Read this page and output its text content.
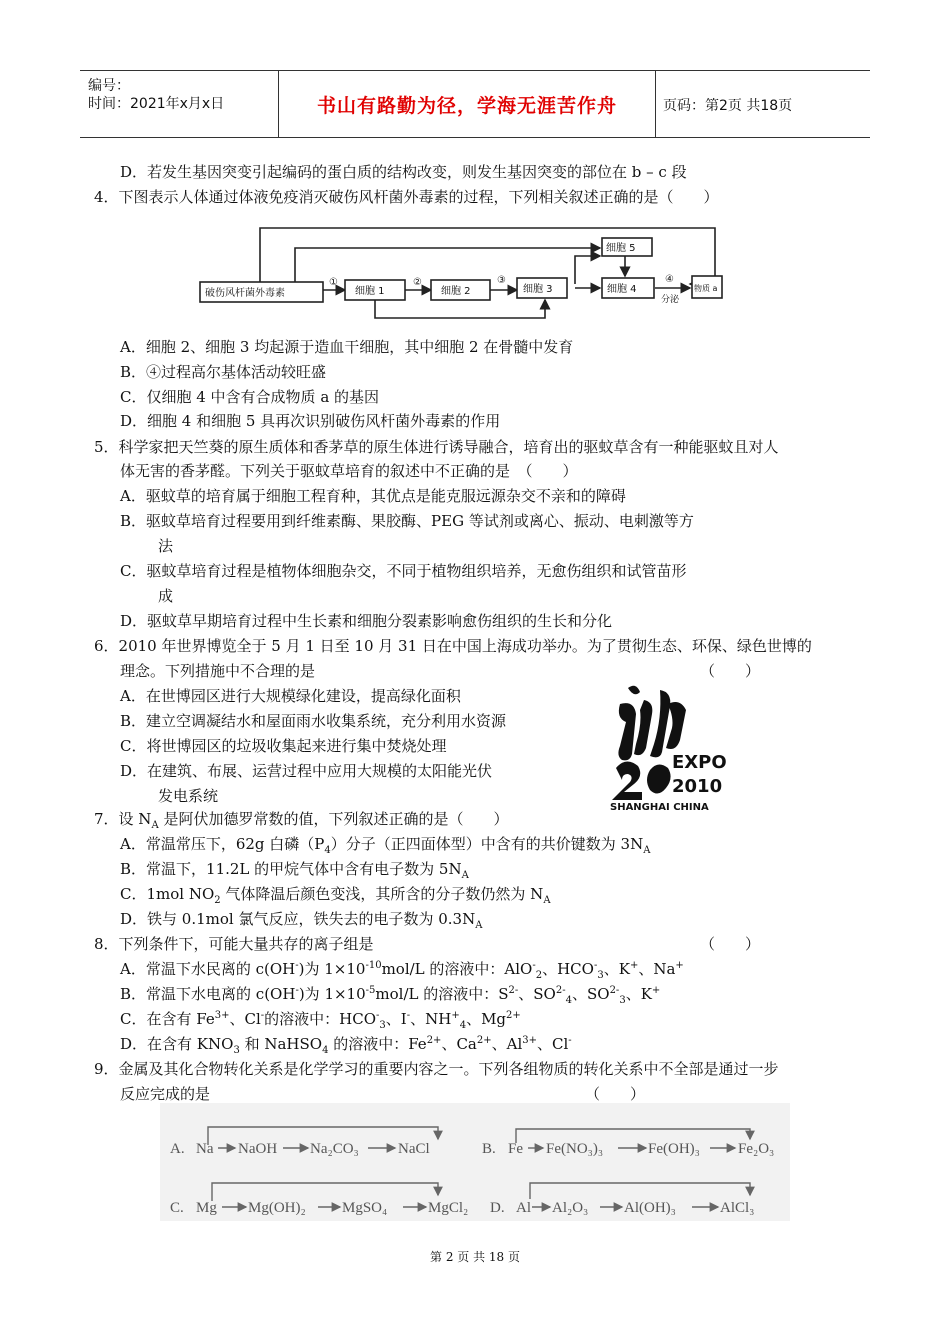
编号：
时间：2021年x月x日	书山有路勤为径，学海无涯苦作舟	页码：第2页 共18页
D．若发生基因突变引起编码的蛋白质的结构改变，则发生基因突变的部位在 b – c 段
4．下图表示人体通过体液免疫消灭破伤风杆菌外毒素的过程，下列相关叙述正确的是（　　）
破伤风杆菌外毒素	细胞 1	细胞 2	细胞 3
细胞 5
细胞 4	物质 a
①	②	③	④
分泌
A．细胞 2、细胞 3 均起源于造血干细胞，其中细胞 2 在骨髓中发育
B．④过程高尔基体活动较旺盛
C．仅细胞 4 中含有合成物质 a 的基因
D．细胞 4 和细胞 5 具再次识别破伤风杆菌外毒素的作用
5．科学家把天竺葵的原生质体和香茅草的原生体进行诱导融合，培育出的驱蚊草含有一种能驱蚊且对人
体无害的香茅醛。下列关于驱蚊草培育的叙述中不正确的是　（　　）
A．驱蚊草的培育属于细胞工程育种，其优点是能克服远源杂交不亲和的障碍
B．驱蚊草培育过程要用到纤维素酶、果胶酶、PEG 等试剂或离心、振动、电刺激等方
法
C．驱蚊草培育过程是植物体细胞杂交，不同于植物组织培养，无愈伤组织和试管苗形
成
D．驱蚊草早期培育过程中生长素和细胞分裂素影响愈伤组织的生长和分化
6．2010 年世界博览全于 5 月 1 日至 10 月 31 日在中国上海成功举办。为了贯彻生态、环保、绿色世博的
理念。下列措施中不合理的是	（　　）
A．在世博园区进行大规模绿化建设，提高绿化面积
B．建立空调凝结水和屋面雨水收集系统，充分利用水资源
C．将世博园区的垃圾收集起来进行集中焚烧处理
D．在建筑、布展、运营过程中应用大规模的太阳能光伏
发电系统
EXPO
2010
SHANGHAI CHINA
7．设 $N_A$ 是阿伏加德罗常数的值，下列叙述正确的是（　　）
A．常温常压下，62g 白磷$(P_4)$分子（正四面体型）中含有的共价键数为 $3N_A$
B．常温下，11.2L 的甲烷气体中含有电子数为 $5N_A$
C．1mol $NO_2$ 气体降温后颜色变浅，其所含的分子数仍然为 $N_A$
D．铁与 0.1mol 氯气反应，铁失去的电子数为 $0.3N_A$
8．下列条件下，可能大量共存的离子组是	（　　）
A．常温下水民离的 c(OH-)为 $1\times 10^{-10}mol/L$ 的溶液中：AlO-$_2$、$HCO^-_3$、K+、Na+
B．常温下水电离的 c(OH-)为 $1\times 10^{-5}mol/L$ 的溶液中：$S^{2-}$、$SO^{2-}_4$、$SO^{2-}_3$、K+
C．在含有 $Fe^{3+}$、Cl-的溶液中：$HCO^-_3$、I-、$NH^+_4$、$Mg^{2+}$
D．在含有 $KNO_3$ 和 NaHSO$_4$ 的溶液中：$Fe^{2+}$、$Ca^{2+}$、$Al^{3+}$、Cl-
9．金属及其化合物转化关系是化学学习的重要内容之一。下列各组物质的转化关系中不全部是通过一步
反应完成的是	（　　）
A. Na NaOH Na₂CO₃	NaCl	B. Fe Fe(NO₃)₃	Fe(OH)₃	Fe₂O₃
C. Mg Mg(OH)₂ MgSO₄	MgCl₂ D. Al Al₂O₃ Al(OH)₃	AlCl₃
第 2 页 共 18 页
